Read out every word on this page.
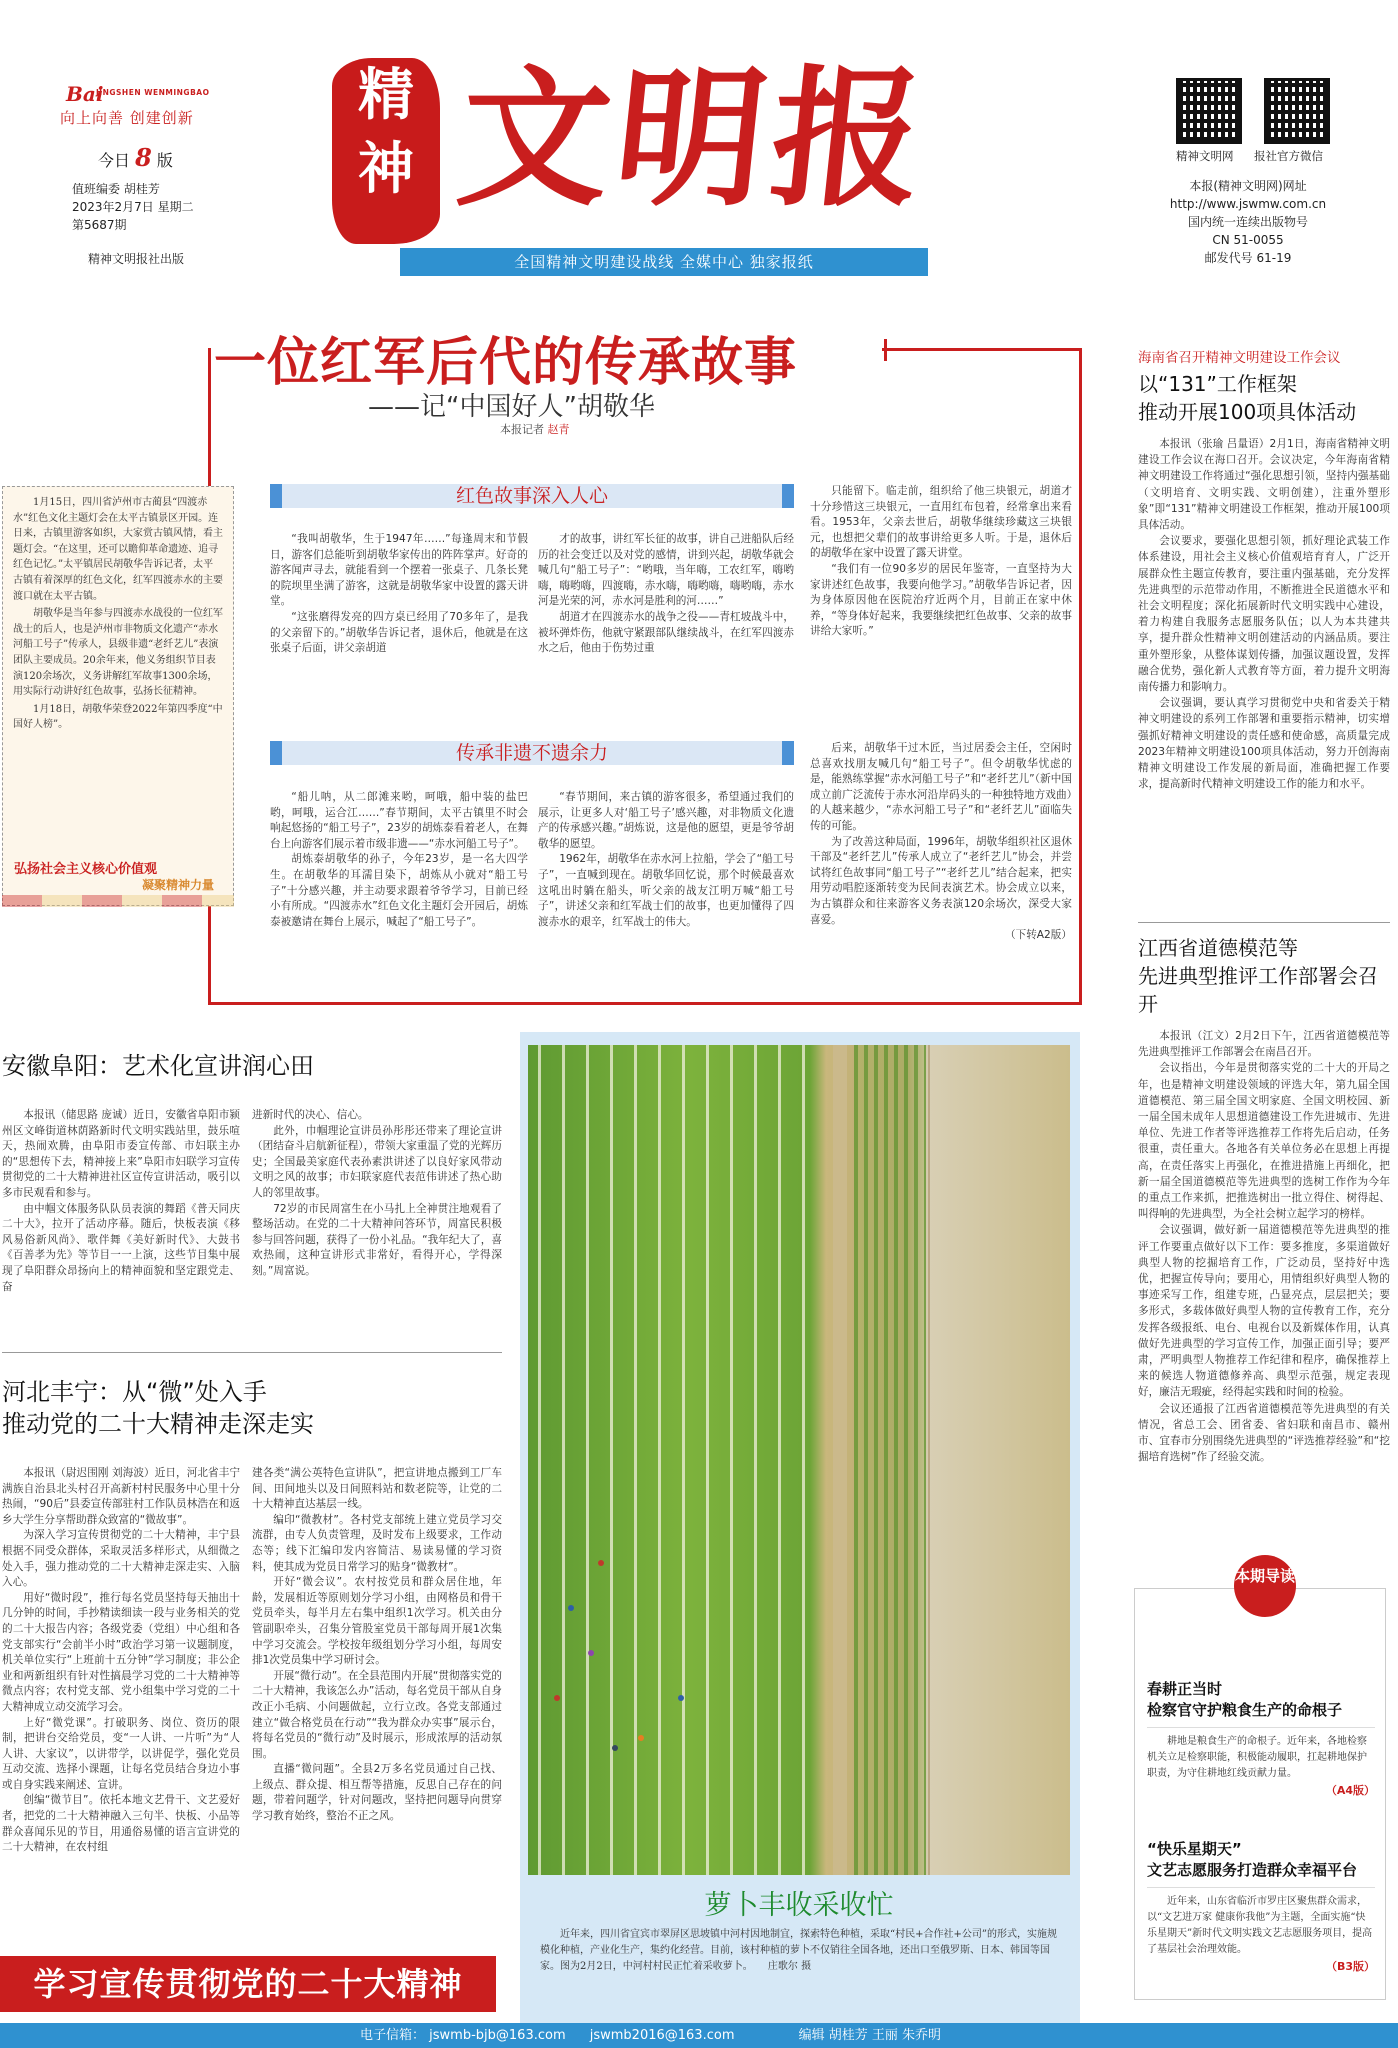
Bai
JINGSHEN WENMINGBAO
向上向善 创建创新
今日 8 版
值班编委 胡桂芳
2023年2月7日 星期二
第5687期
精神文明报社出版
精
神 文明报
全国精神文明建设战线 全媒中心 独家报纸
精神文明网 报社官方微信
本报(精神文明网)网址
http://www.jswmw.com.cn
国内统一连续出版物号
CN 51-0055
邮发代号 61-19
一位红军后代的传承故事
——记“中国好人”胡敬华
本报记者 赵青
红色故事深入人心

“我叫胡敬华，生于1947年……”每逢周末和节假日，游客们总能听到胡敬华家传出的阵阵掌声。好奇的游客闻声寻去，就能看到一个摆着一张桌子、几条长凳的院坝里坐满了游客，这就是胡敬华家中设置的露天讲堂。

“这张磨得发亮的四方桌已经用了70多年了，是我的父亲留下的。”胡敬华告诉记者，退休后，他就是在这张桌子后面，讲父亲胡道

才的故事，讲红军长征的故事，讲自己进船队后经历的社会变迁以及对党的感情，讲到兴起，胡敬华就会喊几句“船工号子”：“哟哦，当年嗨，工农红军，嗨哟嗨，嗨哟嗨，四渡嗨，赤水嗨，嗨哟嗨，嗨哟嗨，赤水河是光荣的河，赤水河是胜利的河……”

胡道才在四渡赤水的战争之役——青杠坡战斗中，被坏弹炸伤，他就守紧跟部队继续战斗，在红军四渡赤水之后，他由于伤势过重

只能留下。临走前，组织给了他三块银元，胡道才十分珍惜这三块银元，一直用红布包着，经常拿出来看看。1953年，父亲去世后，胡敬华继续珍藏这三块银元，也想把父辈们的故事讲给更多人听。于是，退休后的胡敬华在家中设置了露天讲堂。

“我们有一位90多岁的居民年鉴寄，一直坚持为大家讲述红色故事，我要向他学习。”胡敬华告诉记者，因为身体原因他在医院治疗近两个月，目前正在家中休养，“等身体好起来，我要继续把红色故事、父亲的故事讲给大家听。”

传承非遗不遗余力

“船儿呐，从二郎滩来哟，呵哦，船中装的盐巴哟，呵哦，运合江……”春节期间，太平古镇里不时会响起悠扬的“船工号子”，23岁的胡炼泰看着老人，在舞台上向游客们展示着市级非遗——“赤水河船工号子”。

胡炼泰胡敬华的孙子，今年23岁，是一名大四学生。在胡敬华的耳濡目染下，胡炼从小就对“船工号子”十分感兴趣，并主动要求跟着爷爷学习，目前已经小有所成。“四渡赤水”红色文化主题灯会开园后，胡炼泰被邀请在舞台上展示，喊起了“船工号子”。

“春节期间，来古镇的游客很多，希望通过我们的展示，让更多人对‘船工号子’感兴趣，对非物质文化遗产的传承感兴趣。”胡炼说，这是他的愿望，更是爷爷胡敬华的愿望。

1962年，胡敬华在赤水河上拉船，学会了“船工号子”，一直喊到现在。胡敬华回忆说，那个时候最喜欢这吼出时躺在船头，听父亲的战友江明万喊“船工号子”，讲述父亲和红军战士们的故事，也更加懂得了四渡赤水的艰辛，红军战士的伟大。

后来，胡敬华干过木匠，当过居委会主任，空闲时总喜欢找朋友喊几句“船工号子”。但令胡敬华忧虑的是，能熟练掌握“赤水河船工号子”和“老纤艺儿”（新中国成立前广泛流传于赤水河沿岸码头的一种独特地方戏曲）的人越来越少，“赤水河船工号子”和“老纤艺儿”面临失传的可能。

为了改善这种局面，1996年，胡敬华组织社区退休干部及“老纤艺儿”传承人成立了“老纤艺儿”协会，并尝试将红色故事同“船工号子”“老纤艺儿”结合起来，把实用劳动唱腔逐渐转变为民间表演艺术。协会成立以来，为古镇群众和往来游客义务表演120余场次，深受大家喜爱。

（下转A2版）

1月15日，四川省泸州市古蔺县“四渡赤水”红色文化主题灯会在太平古镇景区开园。连日来，古镇里游客如织，大家赏古镇风情，看主题灯会。“在这里，还可以瞻仰革命遗迹、追寻红色记忆。”太平镇居民胡敬华告诉记者，太平古镇有着深厚的红色文化，红军四渡赤水的主要渡口就在太平古镇。

胡敬华是当年参与四渡赤水战役的一位红军战士的后人，也是泸州市非物质文化遗产“赤水河船工号子”传承人，县级非遗“老纤艺儿”表演团队主要成员。20余年来，他义务组织节目表演120余场次，义务讲解红军故事1300余场，用实际行动讲好红色故事，弘扬长征精神。

1月18日，胡敬华荣登2022年第四季度“中国好人榜”。

弘扬社会主义核心价值观
凝聚精神力量
海南省召开精神文明建设工作会议
以“131”工作框架
推动开展100项具体活动

本报讯（张瑜 吕量语）2月1日，海南省精神文明建设工作会议在海口召开。会议决定，今年海南省精神文明建设工作将通过“强化思想引领，坚持内强基础（文明培育、文明实践、文明创建），注重外塑形象”即“131”精神文明建设工作框架，推动开展100项具体活动。

会议要求，要强化思想引领，抓好理论武装工作体系建设，用社会主义核心价值观培育育人，广泛开展群众性主题宣传教育，要注重内强基础，充分发挥先进典型的示范带动作用，不断推进全民道德水平和社会文明程度；深化拓展新时代文明实践中心建设，着力构建自我服务志愿服务队伍；以人为本共建共享，提升群众性精神文明创建活动的内涵品质。要注重外塑形象，从整体谋划传播，加强议题设置，发挥融合优势，强化新人式教育等方面，着力提升文明海南传播力和影响力。

会议强调，要认真学习贯彻党中央和省委关于精神文明建设的系列工作部署和重要指示精神，切实增强抓好精神文明建设的责任感和使命感，高质量完成2023年精神文明建设100项具体活动，努力开创海南精神文明建设工作发展的新局面，准确把握工作要求，提高新时代精神文明建设工作的能力和水平。

江西省道德模范等
先进典型推评工作部署会召开

本报讯（江文）2月2日下午，江西省道德模范等先进典型推评工作部署会在南昌召开。

会议指出，今年是贯彻落实党的二十大的开局之年，也是精神文明建设领域的评选大年，第九届全国道德模范、第三届全国文明家庭、全国文明校园、新一届全国未成年人思想道德建设工作先进城市、先进单位、先进工作者等评选推荐工作将先后启动，任务很重，责任重大。各地各有关单位务必在思想上再提高，在责任落实上再强化，在推进措施上再细化，把新一届全国道德模范等先进典型的选树工作作为今年的重点工作来抓，把推选树出一批立得住、树得起、叫得响的先进典型，为全社会树立起学习的榜样。

会议强调，做好新一届道德模范等先进典型的推评工作要重点做好以下工作：要多推度，多渠道做好典型人物的挖掘培育工作，广泛动员，坚持好中选优，把握宣传导向；要用心，用情组织好典型人物的事迹采写工作，组建专班，凸显亮点，层层把关；要多形式，多载体做好典型人物的宣传教育工作，充分发挥各级报纸、电台、电视台以及新媒体作用，认真做好先进典型的学习宣传工作，加强正面引导；要严肃，严明典型人物推荐工作纪律和程序，确保推荐上来的候选人物道德修养高、典型示范强，规定表现好，廉洁无瑕疵，经得起实践和时间的检验。

会议还通报了江西省道德模范等先进典型的有关情况，省总工会、团省委、省妇联和南昌市、赣州市、宜春市分别围绕先进典型的“评选推荐经验”和“挖掘培育选树”作了经验交流。

春耕正当时
检察官守护粮食生产的命根子

耕地是粮食生产的命根子。近年来，各地检察机关立足检察职能，积极能动履职，扛起耕地保护职责，为守住耕地红线贡献力量。

（A4版）
“快乐星期天”
文艺志愿服务打造群众幸福平台

近年来，山东省临沂市罗庄区聚焦群众需求，以“文艺进万家 健康你我他”为主题，全面实施“快乐星期天”新时代文明实践文艺志愿服务项目，提高了基层社会治理效能。

（B3版）
本期导读
安徽阜阳：艺术化宣讲润心田

本报讯（储思路 庞诚）近日，安徽省阜阳市颍州区文峰街道林荫路新时代文明实践站里，鼓乐喧天，热闹欢腾，由阜阳市委宣传部、市妇联主办的“思想传下去，精神接上来”阜阳市妇联学习宣传贯彻党的二十大精神进社区宣传宣讲活动，吸引以多市民观看和参与。

由中帼文体服务队队员表演的舞蹈《普天同庆二十大》，拉开了活动序幕。随后，快板表演《移风易俗新风尚》、歌伴舞《美好新时代》、大鼓书《百善孝为先》等节目一一上演，这些节目集中展现了阜阳群众昂扬向上的精神面貌和坚定跟党走、奋

进新时代的决心、信心。

此外，巾帼理论宣讲员孙彤彤还带来了理论宣讲（团结奋斗启航新征程），带领大家重温了党的光辉历史；全国最美家庭代表孙素洪讲述了以良好家风带动文明之风的故事；市妇联家庭代表范伟讲述了热心助人的邻里故事。

72岁的市民周富生在小马扎上全神贯注地观看了整场活动。在党的二十大精神问答环节，周富民积极参与回答问题，获得了一份小礼品。“我年纪大了，喜欢热闹，这种宣讲形式非常好，看得开心，学得深刻。”周富说。

河北丰宁：从“微”处入手
推动党的二十大精神走深走实

本报讯（尉迟围刚 刘海波）近日，河北省丰宁满族自治县北头村召开高新村村民服务中心里十分热闹，“90后”县委宣传部驻村工作队员林浩在和返乡大学生分享帮助群众致富的“微故事”。

为深入学习宣传贯彻党的二十大精神，丰宁县根据不同受众群体，采取灵活多样形式，从细微之处入手，强力推动党的二十大精神走深走实、入脑入心。

用好“微时段”，推行每名党员坚持每天抽出十几分钟的时间，手抄精读细读一段与业务相关的党的二十大报告内容；各级党委（党组）中心组和各党支部实行“会前半小时”政治学习第一议题制度，机关单位实行“上班前十五分钟”学习制度；非公企业和两新组织有针对性搞晨学习党的二十大精神等微点内容；农村党支部、党小组集中学习党的二十大精神成立动交流学习会。

上好“微党课”。打破职务、岗位、资历的限制，把讲台交给党员，变“一人讲、一片听”为“人人讲、大家议”，以讲带学，以讲促学，强化党员互动交流、选择小课题，让每名党员结合身边小事或自身实践来阐述、宣讲。

创编“微节目”。依托本地文艺骨干、文艺爱好者，把党的二十大精神融入三句半、快板、小品等群众喜闻乐见的节目，用通俗易懂的语言宣讲党的二十大精神，在农村组

建各类“满公英特色宣讲队”，把宣讲地点搬到工厂车间、田间地头以及日间照料站和数老院等，让党的二十大精神直达基层一线。

编印“微教材”。各村党支部统上建立党员学习交流群，由专人负责管理，及时发布上级要求，工作动态等；线下汇编印发内容简洁、易读易懂的学习资料，使其成为党员日常学习的贴身“微教材”。

开好“微会议”。农村按党员和群众居住地，年龄，发展相近等原则划分学习小组，由网格员和骨干党员牵头，每半月左右集中组织1次学习。机关由分管副职牵头，召集分管股室党员干部每周开展1次集中学习交流会。学校按年级组划分学习小组，每周安排1次党员集中学习研讨会。

开展“微行动”。在全县范围内开展“贯彻落实党的二十大精神，我该怎么办”活动，每名党员干部从自身改正小毛病、小问题做起，立行立改。各党支部通过建立“做合格党员在行动”“我为群众办实事”展示台，将每名党员的“微行动”及时展示，形成浓厚的活动氛围。

直播“微问题”。全县2万多名党员通过自己找、上级点、群众提、相互帮等措施，反思自己存在的问题，带着问题学，针对问题改，坚持把问题导向贯穿学习教育始终，整治不正之风。

萝卜丰收采收忙
近年来，四川省宜宾市翠屏区思坡镇中河村因地制宜，探索特色种植，采取“村民+合作社+公司”的形式，实施规模化种植，产业化生产，集约化经营。目前，该村种植的萝卜不仅销往全国各地，还出口至俄罗斯、日本、韩国等国家。图为2月2日，中河村村民正忙着采收萝卜。 庄歌尔 摄
学习宣传贯彻党的二十大精神
电子信箱： jswmb-bjb@163.com jswmb2016@163.com	编辑 胡桂芳 王丽 朱乔明
